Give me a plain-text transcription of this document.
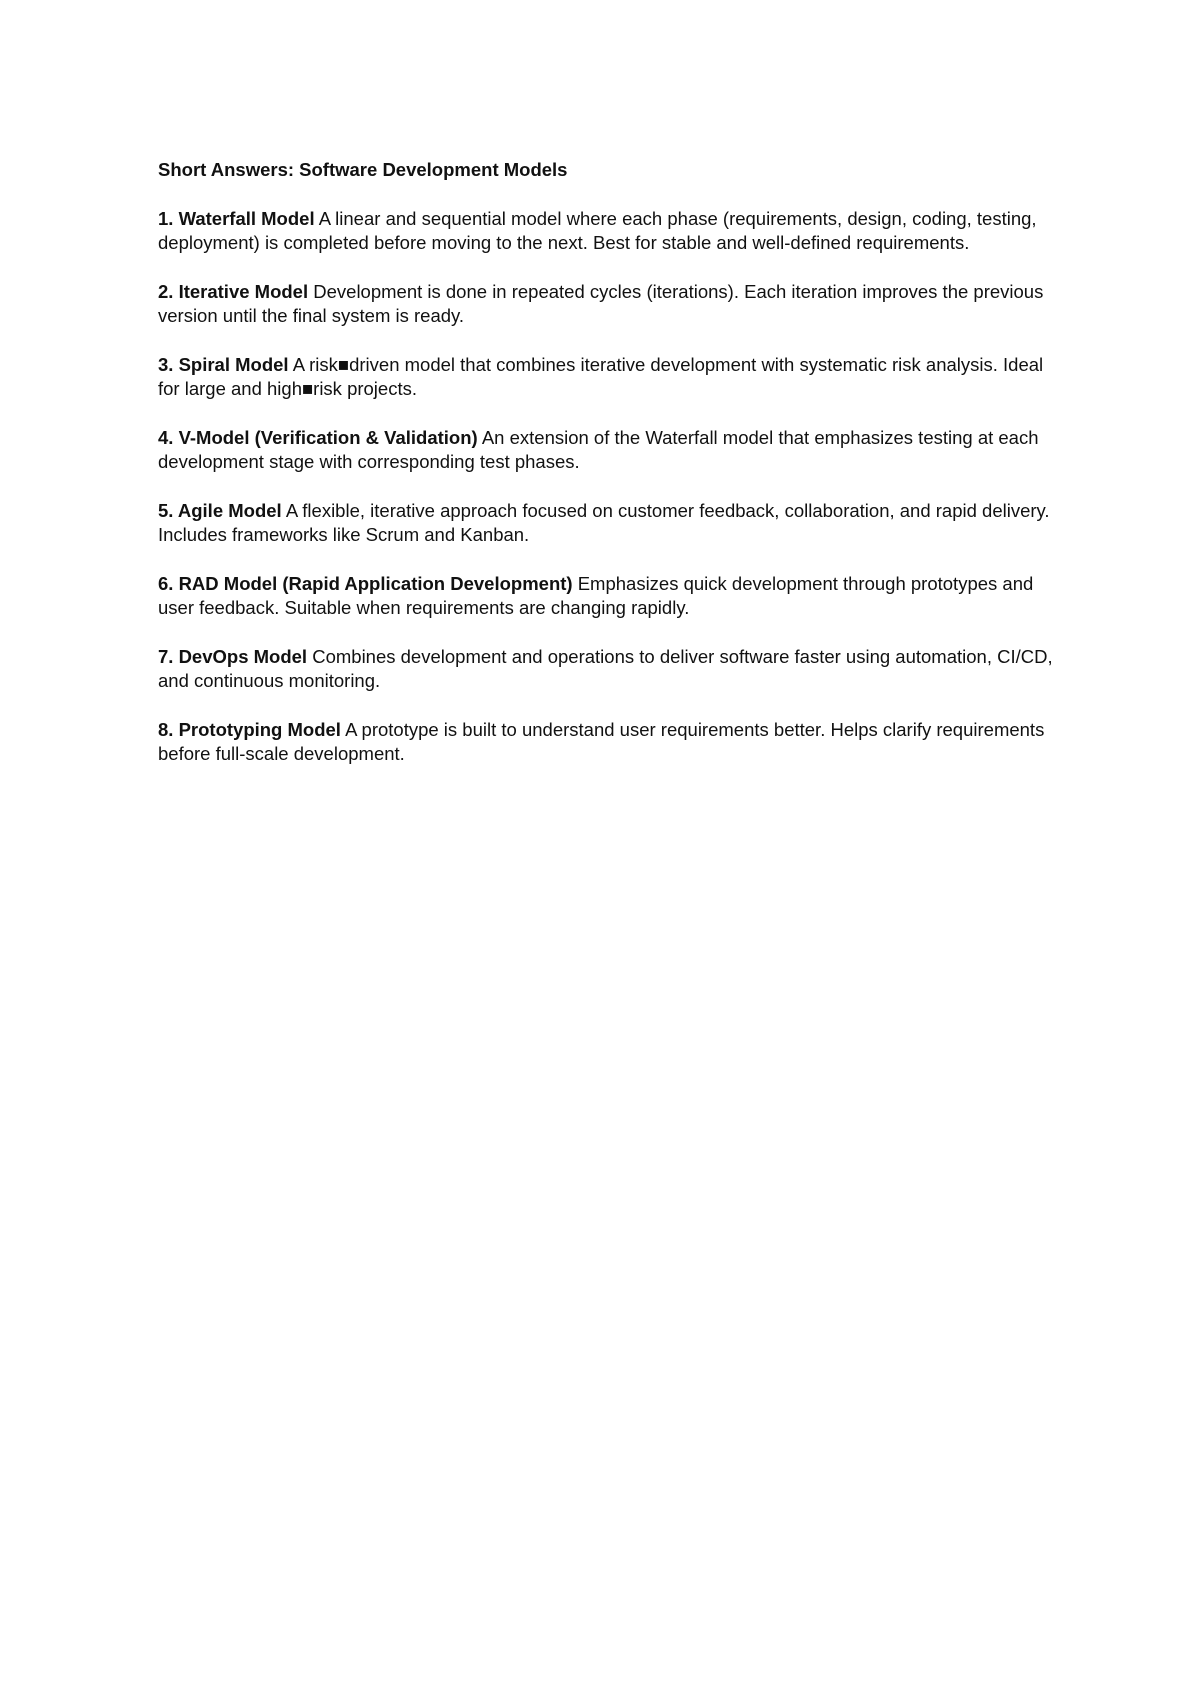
Short Answers: Software Development Models
1. Waterfall Model A linear and sequential model where each phase (requirements, design, coding, testing, deployment) is completed before moving to the next. Best for stable and well-defined requirements.
2. Iterative Model Development is done in repeated cycles (iterations). Each iteration improves the previous version until the final system is ready.
3. Spiral Model A risk■driven model that combines iterative development with systematic risk analysis. Ideal for large and high■risk projects.
4. V-Model (Verification & Validation) An extension of the Waterfall model that emphasizes testing at each development stage with corresponding test phases.
5. Agile Model A flexible, iterative approach focused on customer feedback, collaboration, and rapid delivery. Includes frameworks like Scrum and Kanban.
6. RAD Model (Rapid Application Development) Emphasizes quick development through prototypes and user feedback. Suitable when requirements are changing rapidly.
7. DevOps Model Combines development and operations to deliver software faster using automation, CI/CD, and continuous monitoring.
8. Prototyping Model A prototype is built to understand user requirements better. Helps clarify requirements before full-scale development.
